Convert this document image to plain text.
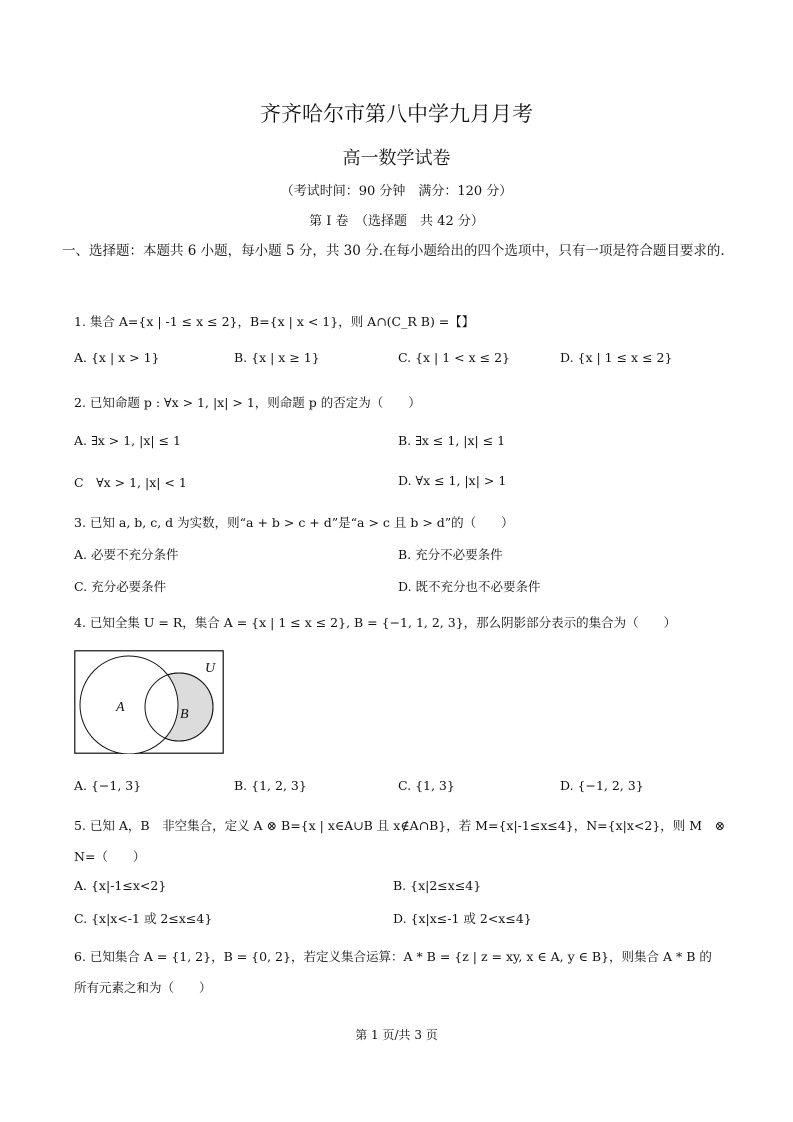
齐齐哈尔市第八中学九月月考
高一数学试卷
（考试时间：90 分钟　满分：120 分）
第 I 卷　（选择题　共 42 分）
一、选择题：本题共 6 小题，每小题 5 分，共 30 分.在每小题给出的四个选项中，只有一项是符合题目要求的.
1. 集合 A={x | -1 ≤ x ≤ 2}，B={x | x < 1}，则 A∩(C_R B) =【】
A. {x | x > 1}	B. {x | x ≥ 1}	C. {x | 1 < x ≤ 2}	D. {x | 1 ≤ x ≤ 2}
2. 已知命题 p : ∀x > 1, |x| > 1，则命题 p 的否定为（　　）
A. ∃x > 1, |x| ≤ 1	B. ∃x ≤ 1, |x| ≤ 1
C　∀x > 1, |x| < 1	D. ∀x ≤ 1, |x| > 1
3. 已知 a, b, c, d 为实数，则“a + b > c + d”是“a > c 且 b > d”的（　　）
A. 必要不充分条件	B. 充分不必要条件
C. 充分必要条件	D. 既不充分也不必要条件
4. 已知全集 U = R，集合 A = {x | 1 ≤ x ≤ 2}, B = {−1, 1, 2, 3}，那么阴影部分表示的集合为（　　）
U
A	B
A. {−1, 3}	B. {1, 2, 3}	C. {1, 3}	D. {−1, 2, 3}
5. 已知 A，B　非空集合，定义 A ⊗ B={x | x∈A∪B 且 x∉A∩B}，若 M={x|-1≤x≤4}，N={x|x<2}，则 M　⊗
N=（　　）
A. {x|-1≤x<2}	B. {x|2≤x≤4}
C. {x|x<-1 或 2≤x≤4}	D. {x|x≤-1 或 2<x≤4}
6. 已知集合 A = {1, 2}，B = {0, 2}，若定义集合运算：A * B = {z | z = xy, x ∈ A, y ∈ B}，则集合 A * B 的
所有元素之和为（　　）
第 1 页/共 3 页
